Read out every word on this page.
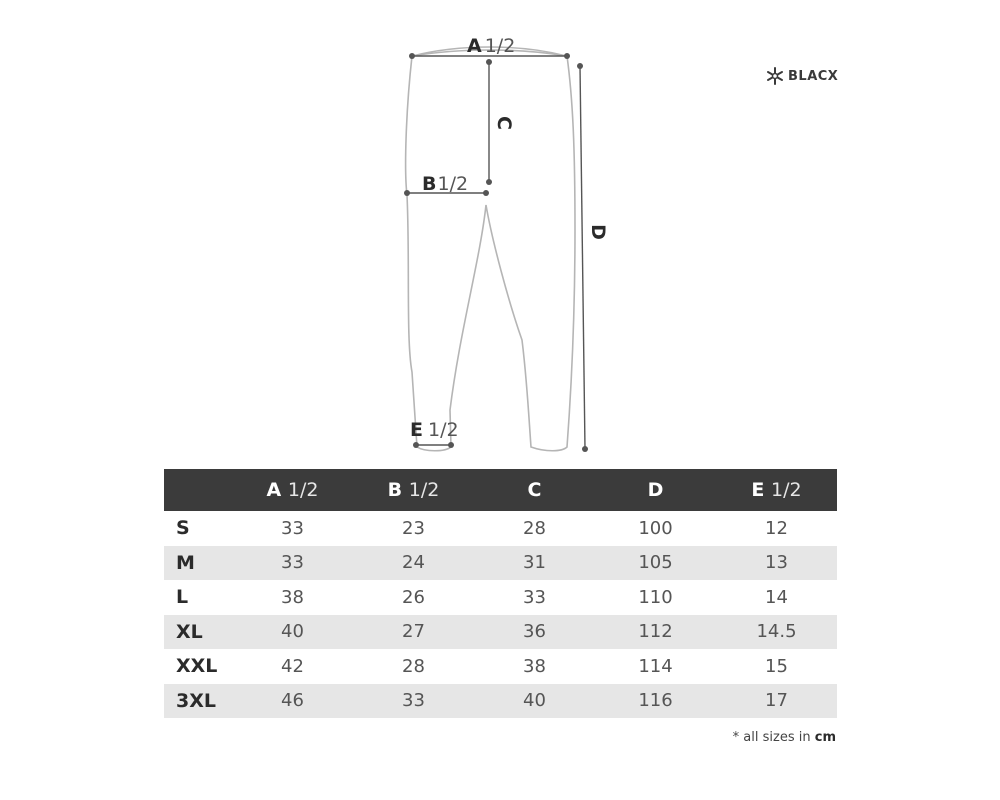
A 1/2
C
B1/2
D
E 1/2
BLACX
	A 1/2	B 1/2	C	D	E 1/2
S	33	23	28	100	12
M	33	24	31	105	13
L	38	26	33	110	14
XL	40	27	36	112	14.5
XXL	42	28	38	114	15
3XL	46	33	40	116	17
* all sizes in cm
